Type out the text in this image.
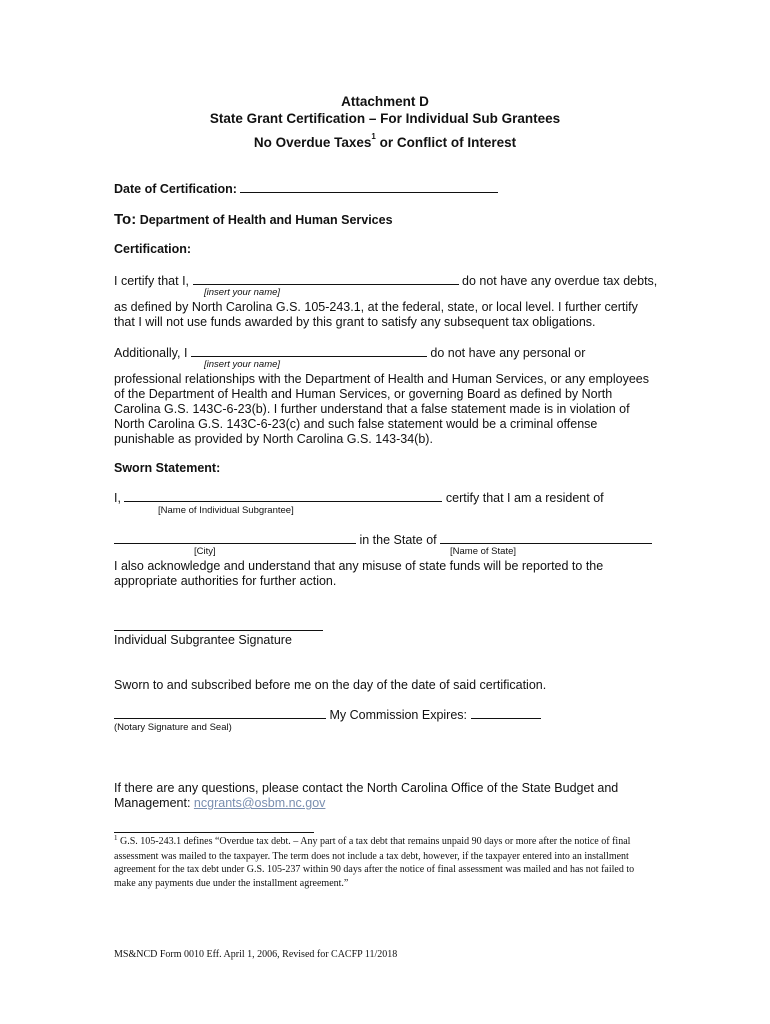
Attachment D
State Grant Certification – For Individual Sub Grantees
No Overdue Taxes$^1$ or Conflict of Interest
Date of Certification:
To: Department of Health and Human Services
Certification:
I certify that I,	do not have any overdue tax debts,
[insert your name]
as defined by North Carolina G.S. 105-243.1, at the federal, state, or local level. I further certify
that I will not use funds awarded by this grant to satisfy any subsequent tax obligations.
Additionally, I	do not have any personal or
[insert your name]
professional relationships with the Department of Health and Human Services, or any employees
of the Department of Health and Human Services, or governing Board as defined by North
Carolina G.S. 143C-6-23(b). I further understand that a false statement made is in violation of
North Carolina G.S. 143C-6-23(c) and such false statement would be a criminal offense
punishable as provided by North Carolina G.S. 143-34(b).
Sworn Statement:
I,	certify that I am a resident of
[Name of Individual Subgrantee]
in the State of
[City]	[Name of State]
I also acknowledge and understand that any misuse of state funds will be reported to the
appropriate authorities for further action.
Individual Subgrantee Signature
Sworn to and subscribed before me on the day of the date of said certification.
My Commission Expires:
(Notary Signature and Seal)
If there are any questions, please contact the North Carolina Office of the State Budget and
Management: ncgrants@osbm.nc.gov
$^1$ G.S. 105-243.1 defines “Overdue tax debt. – Any part of a tax debt that remains unpaid 90 days or more after the notice of final assessment was mailed to the taxpayer. The term does not include a tax debt, however, if the taxpayer entered into an installment agreement for the tax debt under G.S. 105-237 within 90 days after the notice of final assessment was mailed and has not failed to make any payments due under the installment agreement.”
MS&NCD Form 0010 Eff. April 1, 2006, Revised for CACFP 11/2018
